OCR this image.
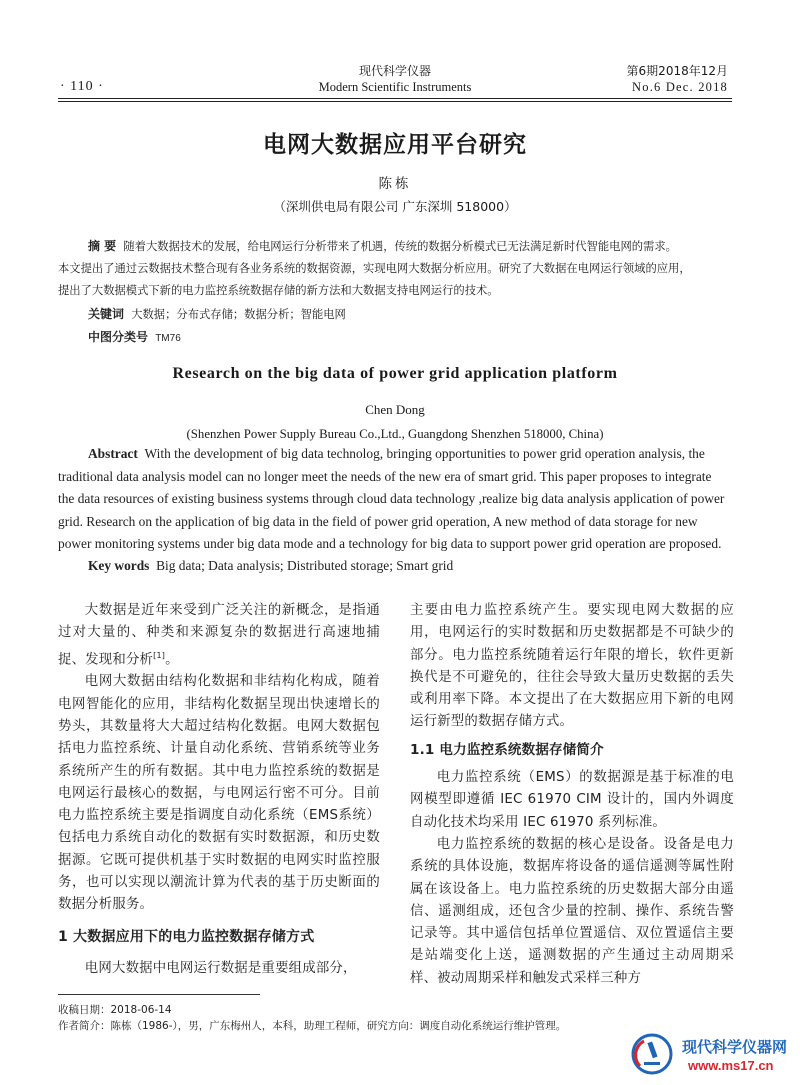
· 110 ·
现代科学仪器
Modern Scientific Instruments
第6期2018年12月
No.6 Dec. 2018
电网大数据应用平台研究
陈栋
（深圳供电局有限公司 广东深圳 518000）
摘 要 随着大数据技术的发展，给电网运行分析带来了机遇，传统的数据分析模式已无法满足新时代智能电网的需求。
本文提出了通过云数据技术整合现有各业务系统的数据资源，实现电网大数据分析应用。研究了大数据在电网运行领域的应用，
提出了大数据模式下新的电力监控系统数据存储的新方法和大数据支持电网运行的技术。
关键词 大数据；分布式存储；数据分析；智能电网
中图分类号 TM76
Research on the big data of power grid application platform
Chen Dong
(Shenzhen Power Supply Bureau Co.,Ltd., Guangdong Shenzhen 518000, China)
Abstract With the development of big data technolog, bringing opportunities to power grid operation analysis, the
traditional data analysis model can no longer meet the needs of the new era of smart grid. This paper proposes to integrate
the data resources of existing business systems through cloud data technology ,realize big data analysis application of power
grid. Research on the application of big data in the field of power grid operation, A new method of data storage for new
power monitoring systems under big data mode and a technology for big data to support power grid operation are proposed.
Key words Big data; Data analysis; Distributed storage; Smart grid

大数据是近年来受到广泛关注的新概念，是指通过对大量的、种类和来源复杂的数据进行高速地捕捉、发现和分析[1]。

电网大数据由结构化数据和非结构化构成，随着电网智能化的应用，非结构化数据呈现出快速增长的势头，其数量将大大超过结构化数据。电网大数据包括电力监控系统、计量自动化系统、营销系统等业务系统所产生的所有数据。其中电力监控系统的数据是电网运行最核心的数据，与电网运行密不可分。目前电力监控系统主要是指调度自动化系统（EMS系统）包括电力系统自动化的数据有实时数据源，和历史数据源。它既可提供机基于实时数据的电网实时监控服务，也可以实现以潮流计算为代表的基于历史断面的数据分析服务。

1 大数据应用下的电力监控数据存储方式

电网大数据中电网运行数据是重要组成部分，

主要由电力监控系统产生。要实现电网大数据的应用，电网运行的实时数据和历史数据都是不可缺少的部分。电力监控系统随着运行年限的增长，软件更新换代是不可避免的，往往会导致大量历史数据的丢失或利用率下降。本文提出了在大数据应用下新的电网运行新型的数据存储方式。

1.1 电力监控系统数据存储简介

电力监控系统（EMS）的数据源是基于标准的电网模型即遵循 IEC 61970 CIM 设计的，国内外调度自动化技术均采用 IEC 61970 系列标准。

电力监控系统的数据的核心是设备。设备是电力系统的具体设施，数据库将设备的遥信遥测等属性附属在该设备上。电力监控系统的历史数据大部分由遥信、遥测组成，还包含少量的控制、操作、系统告警记录等。其中遥信包括单位置遥信、双位置遥信主要是站端变化上送，遥测数据的产生通过主动周期采样、被动周期采样和触发式采样三种方

收稿日期：2018-06-14
作者简介：陈栋（1986-），男，广东梅州人，本科，助理工程师，研究方向：调度自动化系统运行维护管理。
现代科学仪器网
www.ms17.cn
